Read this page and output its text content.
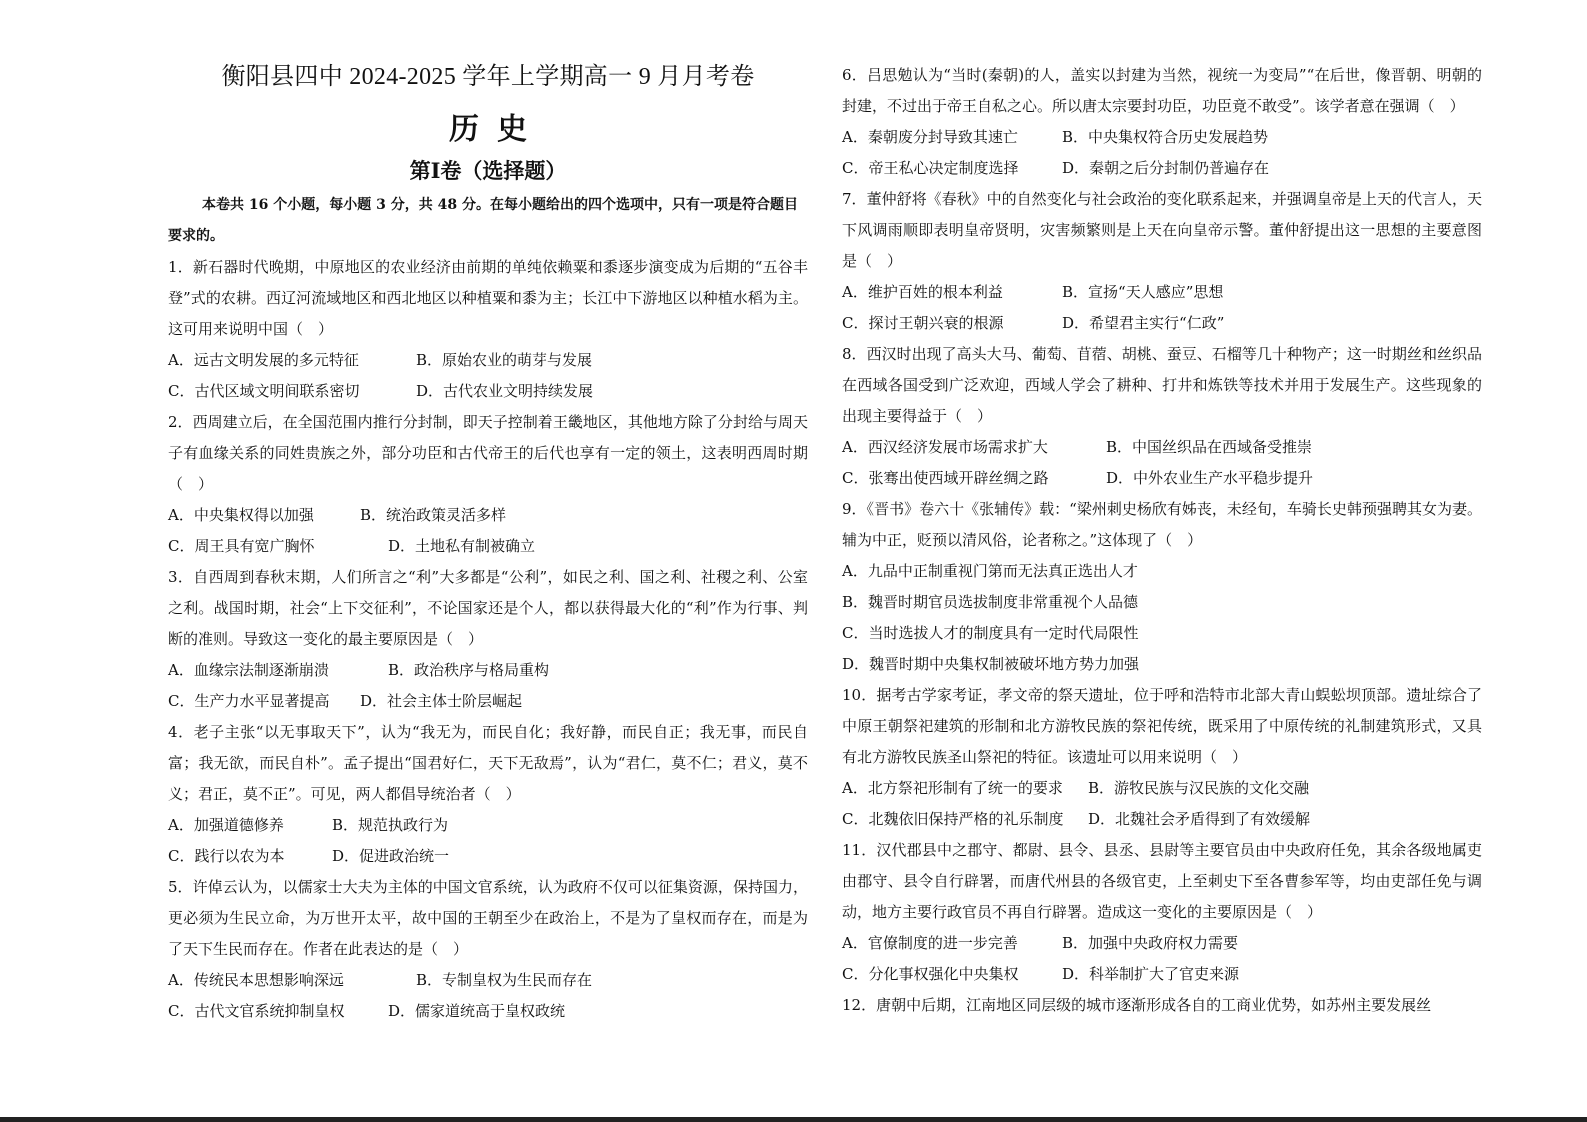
衡阳县四中 2024-2025 学年上学期高一 9 月月考卷
历史
第Ⅰ卷（选择题）

本卷共 16 个小题，每小题 3 分，共 48 分。在每小题给出的四个选项中，只有一项是符合题目要求的。

1．新石器时代晚期，中原地区的农业经济由前期的单纯依赖粟和黍逐步演变成为后期的“五谷丰登”式的农耕。西辽河流域地区和西北地区以种植粟和黍为主；长江中下游地区以种植水稻为主。这可用来说明中国（　）

A．远古文明发展的多元特征	B．原始农业的萌芽与发展
C．古代区域文明间联系密切	D．古代农业文明持续发展

2．西周建立后，在全国范围内推行分封制，即天子控制着王畿地区，其他地方除了分封给与周天子有血缘关系的同姓贵族之外，部分功臣和古代帝王的后代也享有一定的领土，这表明西周时期（　）

A．中央集权得以加强	B．统治政策灵活多样
C．周王具有宽广胸怀	D．土地私有制被确立

3．自西周到春秋末期，人们所言之“利”大多都是“公利”，如民之利、国之利、社稷之利、公室之利。战国时期，社会“上下交征利”，不论国家还是个人，都以获得最大化的“利”作为行事、判断的准则。导致这一变化的最主要原因是（　）

A．血缘宗法制逐渐崩溃	B．政治秩序与格局重构
C．生产力水平显著提高 D．社会主体士阶层崛起

4．老子主张“以无事取天下”，认为“我无为，而民自化；我好静，而民自正；我无事，而民自富；我无欲，而民自朴”。孟子提出“国君好仁，天下无敌焉”，认为“君仁，莫不仁；君义，莫不义；君正，莫不正”。可见，两人都倡导统治者（　）

A．加强道德修养	B．规范执政行为
C．践行以农为本	D．促进政治统一

5．许倬云认为，以儒家士大夫为主体的中国文官系统，认为政府不仅可以征集资源，保持国力，更必须为生民立命，为万世开太平，故中国的王朝至少在政治上，不是为了皇权而存在，而是为了天下生民而存在。作者在此表达的是（　）

A．传统民本思想影响深远	B．专制皇权为生民而存在
C．古代文官系统抑制皇权	D．儒家道统高于皇权政统

6．吕思勉认为“当时(秦朝)的人，盖实以封建为当然，视统一为变局”“在后世，像晋朝、明朝的封建，不过出于帝王自私之心。所以唐太宗要封功臣，功臣竟不敢受”。该学者意在强调（　）

A．秦朝废分封导致其速亡	B．中央集权符合历史发展趋势
C．帝王私心决定制度选择	D．秦朝之后分封制仍普遍存在

7．董仲舒将《春秋》中的自然变化与社会政治的变化联系起来，并强调皇帝是上天的代言人，天下风调雨顺即表明皇帝贤明，灾害频繁则是上天在向皇帝示警。董仲舒提出这一思想的主要意图是（　）

A．维护百姓的根本利益	B．宣扬“天人感应”思想
C．探讨王朝兴衰的根源	D．希望君主实行“仁政”

8．西汉时出现了高头大马、葡萄、苜蓿、胡桃、蚕豆、石榴等几十种物产；这一时期丝和丝织品在西域各国受到广泛欢迎，西域人学会了耕种、打井和炼铁等技术并用于发展生产。这些现象的出现主要得益于（　）

A．西汉经济发展市场需求扩大	B．中国丝织品在西域备受推崇
C．张骞出使西域开辟丝绸之路	D．中外农业生产水平稳步提升

9．《晋书》卷六十《张辅传》载：“梁州刺史杨欣有姊丧，未经旬，车骑长史韩预强聘其女为妻。辅为中正，贬预以清风俗，论者称之。”这体现了（　）

A．九品中正制重视门第而无法真正选出人才

B．魏晋时期官员选拔制度非常重视个人品德

C．当时选拔人才的制度具有一定时代局限性

D．魏晋时期中央集权制被破坏地方势力加强

10．据考古学家考证，孝文帝的祭天遗址，位于呼和浩特市北部大青山蜈蚣坝顶部。遗址综合了中原王朝祭祀建筑的形制和北方游牧民族的祭祀传统，既采用了中原传统的礼制建筑形式，又具有北方游牧民族圣山祭祀的特征。该遗址可以用来说明（　）

A．北方祭祀形制有了统一的要求 B．游牧民族与汉民族的文化交融
C．北魏依旧保持严格的礼乐制度 D．北魏社会矛盾得到了有效缓解

11．汉代郡县中之郡守、都尉、县令、县丞、县尉等主要官员由中央政府任免，其余各级地属吏由郡守、县令自行辟署，而唐代州县的各级官吏，上至刺史下至各曹参军等，均由吏部任免与调动，地方主要行政官员不再自行辟署。造成这一变化的主要原因是（　）

A．官僚制度的进一步完善	B．加强中央政府权力需要
C．分化事权强化中央集权	D．科举制扩大了官吏来源

12．唐朝中后期，江南地区同层级的城市逐渐形成各自的工商业优势，如苏州主要发展丝
